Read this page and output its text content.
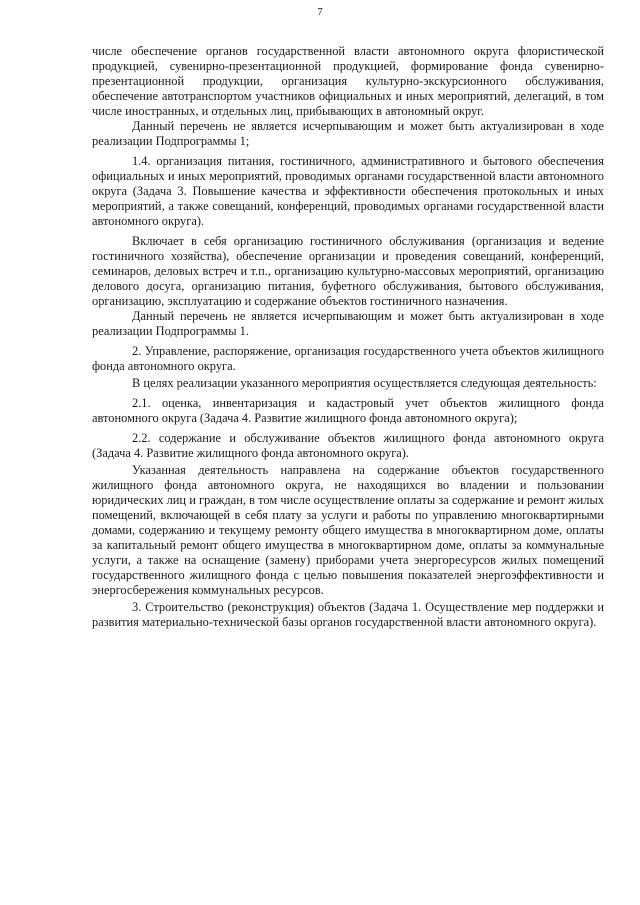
7

числе обеспечение органов государственной власти автономного округа флористической продукцией, сувенирно-презентационной продукцией, формирование фонда сувенирно-презентационной продукции, организация культурно-экскурсионного обслуживания, обеспечение автотранспортом участников официальных и иных мероприятий, делегаций, в том числе иностранных, и отдельных лиц, прибывающих в автономный округ.

Данный перечень не является исчерпывающим и может быть актуализирован в ходе реализации Подпрограммы 1;

1.4. организация питания, гостиничного, административного и бытового обеспечения официальных и иных мероприятий, проводимых органами государственной власти автономного округа (Задача 3. Повышение качества и эффективности обеспечения протокольных и иных мероприятий, а также совещаний, конференций, проводимых органами государственной власти автономного округа).

Включает в себя организацию гостиничного обслуживания (организация и ведение гостиничного хозяйства), обеспечение организации и проведения совещаний, конференций, семинаров, деловых встреч и т.п., организацию культурно-массовых мероприятий, организацию делового досуга, организацию питания, буфетного обслуживания, бытового обслуживания, организацию, эксплуатацию и содержание объектов гостиничного назначения.

Данный перечень не является исчерпывающим и может быть актуализирован в ходе реализации Подпрограммы 1.

2. Управление, распоряжение, организация государственного учета объектов жилищного фонда автономного округа.

В целях реализации указанного мероприятия осуществляется следующая деятельность:

2.1. оценка, инвентаризация и кадастровый учет объектов жилищного фонда автономного округа (Задача 4. Развитие жилищного фонда автономного округа);

2.2. содержание и обслуживание объектов жилищного фонда автономного округа (Задача 4. Развитие жилищного фонда автономного округа).

Указанная деятельность направлена на содержание объектов государственного жилищного фонда автономного округа, не находящихся во владении и пользовании юридических лиц и граждан, в том числе осуществление оплаты за содержание и ремонт жилых помещений, включающей в себя плату за услуги и работы по управлению многоквартирными домами, содержанию и текущему ремонту общего имущества в многоквартирном доме, оплаты за капитальный ремонт общего имущества в многоквартирном доме, оплаты за коммунальные услуги, а также на оснащение (замену) приборами учета энергоресурсов жилых помещений государственного жилищного фонда с целью повышения показателей энергоэффективности и энергосбережения коммунальных ресурсов.

3. Строительство (реконструкция) объектов (Задача 1. Осуществление мер поддержки и развития материально-технической базы органов государственной власти автономного округа).
